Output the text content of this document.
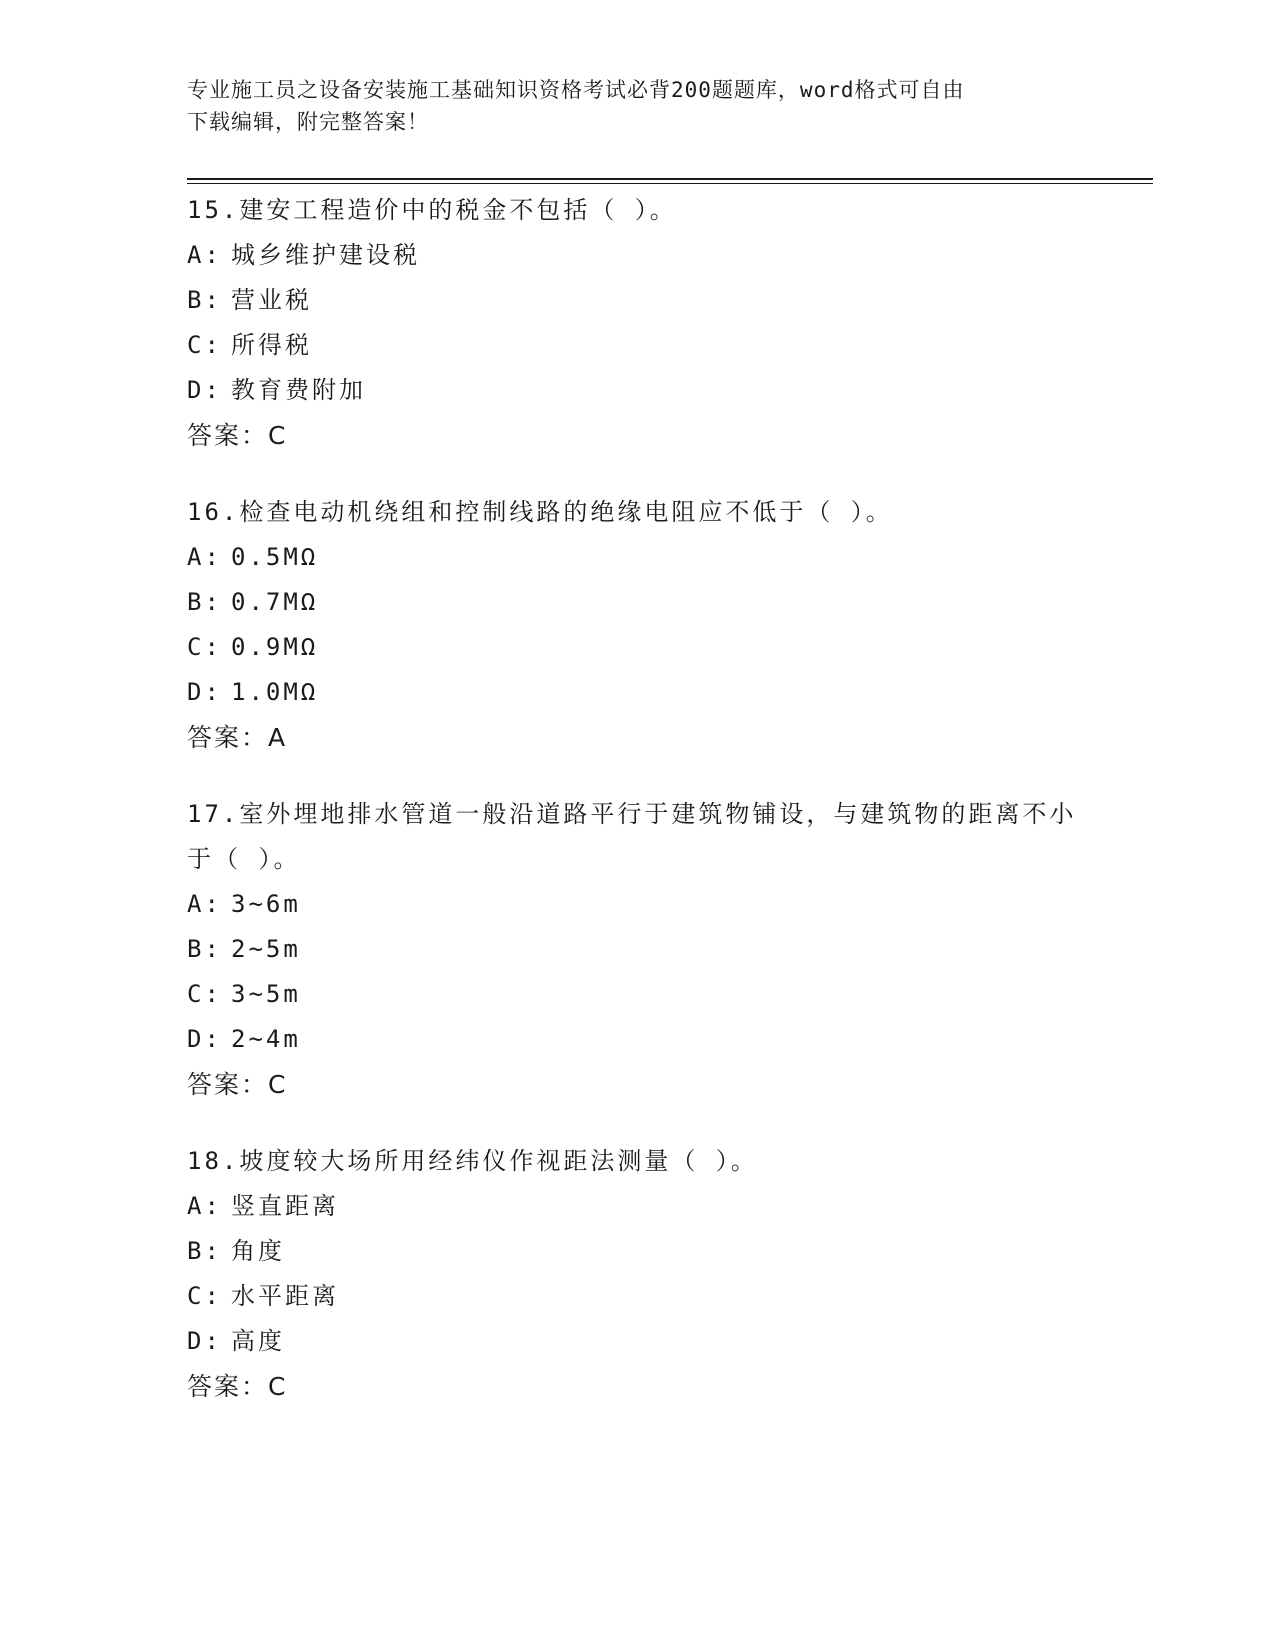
专业施工员之设备安装施工基础知识资格考试必背200题题库，word格式可自由
下载编辑，附完整答案！
15.建安工程造价中的税金不包括（ ）。
A: 城乡维护建设税
B: 营业税
C: 所得税
D: 教育费附加
答案：C
16.检查电动机绕组和控制线路的绝缘电阻应不低于（ ）。
A: 0.5MΩ
B: 0.7MΩ
C: 0.9MΩ
D: 1.0MΩ
答案：A
17.室外埋地排水管道一般沿道路平行于建筑物铺设，与建筑物的距离不小于（ ）。
A: 3~6m
B: 2~5m
C: 3~5m
D: 2~4m
答案：C
18.坡度较大场所用经纬仪作视距法测量（ ）。
A: 竖直距离
B: 角度
C: 水平距离
D: 高度
答案：C
